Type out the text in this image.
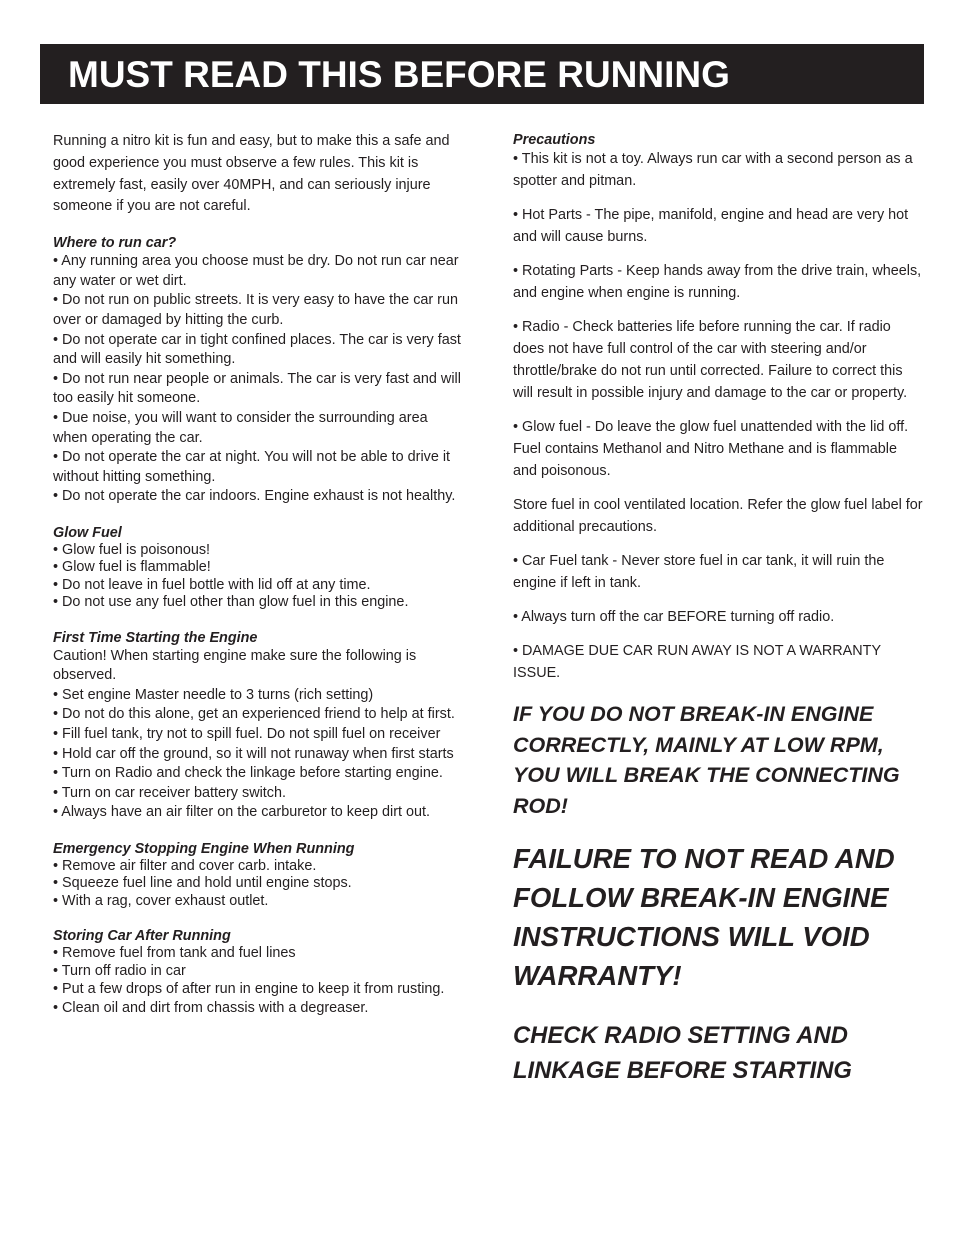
MUST READ THIS BEFORE RUNNING

Running a nitro kit is fun and easy, but to make this a safe and good experience you must observe a few rules. This kit is extremely fast, easily over 40MPH, and can seriously injure someone if you are not careful.

Where to run car?

• Any running area you choose must be dry. Do not run car near any water or wet dirt.
• Do not run on public streets. It is very easy to have the car run over or damaged by hitting the curb.
• Do not operate car in tight confined places. The car is very fast and will easily hit something.
• Do not run near people or animals. The car is very fast and will too easily hit someone.
• Due noise, you will want to consider the surrounding area when operating the car.
• Do not operate the car at night. You will not be able to drive it without hitting something.
• Do not operate the car indoors. Engine exhaust is not healthy.

Glow Fuel

• Glow fuel is poisonous!
• Glow fuel is flammable!
• Do not leave in fuel bottle with lid off at any time.
• Do not use any fuel other than glow fuel in this engine.

First Time Starting the Engine

Caution! When starting engine make sure the following is observed.
• Set engine Master needle to 3 turns (rich setting)
• Do not do this alone, get an experienced friend to help at first.
• Fill fuel tank, try not to spill fuel. Do not spill fuel on receiver
• Hold car off the ground, so it will not runaway when first starts
• Turn on Radio and check the linkage before starting engine.
• Turn on car receiver battery switch.
• Always have an air filter on the carburetor to keep dirt out.

Emergency Stopping Engine When Running

• Remove air filter and cover carb. intake.
• Squeeze fuel line and hold until engine stops.
• With a rag, cover exhaust outlet.

Storing Car After Running

• Remove fuel from tank and fuel lines
• Turn off radio in car
• Put a few drops of after run in engine to keep it from rusting.
• Clean oil and dirt from chassis with a degreaser.

Precautions

• This kit is not a toy. Always run car with a second person as a spotter and pitman.

• Hot Parts - The pipe, manifold, engine and head are very hot and will cause burns.

• Rotating Parts - Keep hands away from the drive train, wheels, and engine when engine is running.

• Radio - Check batteries life before running the car. If radio does not have full control of the car with steering and/or throttle/brake do not run until corrected. Failure to correct this will result in possible injury and damage to the car or property.

• Glow fuel - Do leave the glow fuel unattended with the lid off. Fuel contains Methanol and Nitro Methane and is flammable and poisonous.

Store fuel in cool ventilated location. Refer the glow fuel label for additional precautions.

• Car Fuel tank - Never store fuel in car tank, it will ruin the engine if left in tank.

• Always turn off the car BEFORE turning off radio.

• DAMAGE DUE CAR RUN AWAY IS NOT A WARRANTY ISSUE.

IF YOU DO NOT BREAK-IN ENGINE CORRECTLY, MAINLY AT LOW RPM, YOU WILL BREAK THE CONNECTING ROD!

FAILURE TO NOT READ AND FOLLOW BREAK-IN ENGINE INSTRUCTIONS WILL VOID WARRANTY!

CHECK RADIO SETTING AND LINKAGE BEFORE STARTING
